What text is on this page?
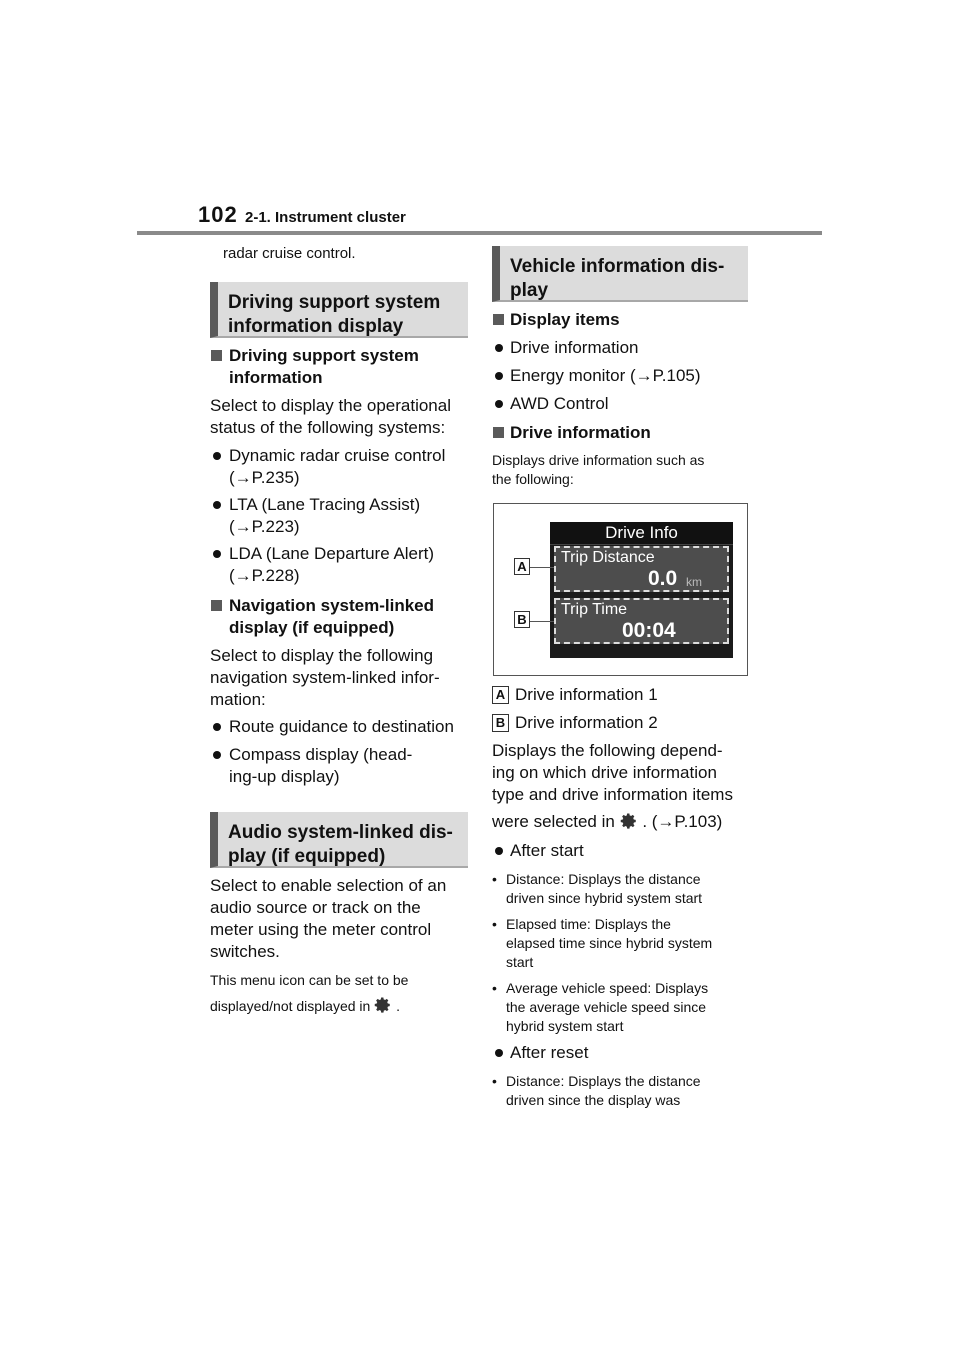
102 2-1. Instrument cluster
radar cruise control.
Driving support system
information display
Driving support system
information
Select to display the operational
status of the following systems:
Dynamic radar cruise control
(→P.235)
LTA (Lane Tracing Assist)
(→P.223)
LDA (Lane Departure Alert)
(→P.228)
Navigation system-linked
display (if equipped)
Select to display the following
navigation system-linked infor-
mation:
Route guidance to destination
Compass display (head-
ing-up display)
Audio system-linked dis-
play (if equipped)
Select to enable selection of an
audio source or track on the
meter using the meter control
switches.
This menu icon can be set to be
displayed/not displayed in .
Vehicle information dis-
play
Display items
Drive information
Energy monitor (→P.105)
AWD Control
Drive information
Displays drive information such as
the following:
Drive Info
Trip Distance
0.0 km
Trip Time
00:04
A
B
A Drive information 1
B Drive information 2
Displays the following depend-
ing on which drive information
type and drive information items
were selected in . (→P.103)
After start
• Distance: Displays the distance
driven since hybrid system start
• Elapsed time: Displays the
elapsed time since hybrid system
start
• Average vehicle speed: Displays
the average vehicle speed since
hybrid system start
After reset
• Distance: Displays the distance
driven since the display was
